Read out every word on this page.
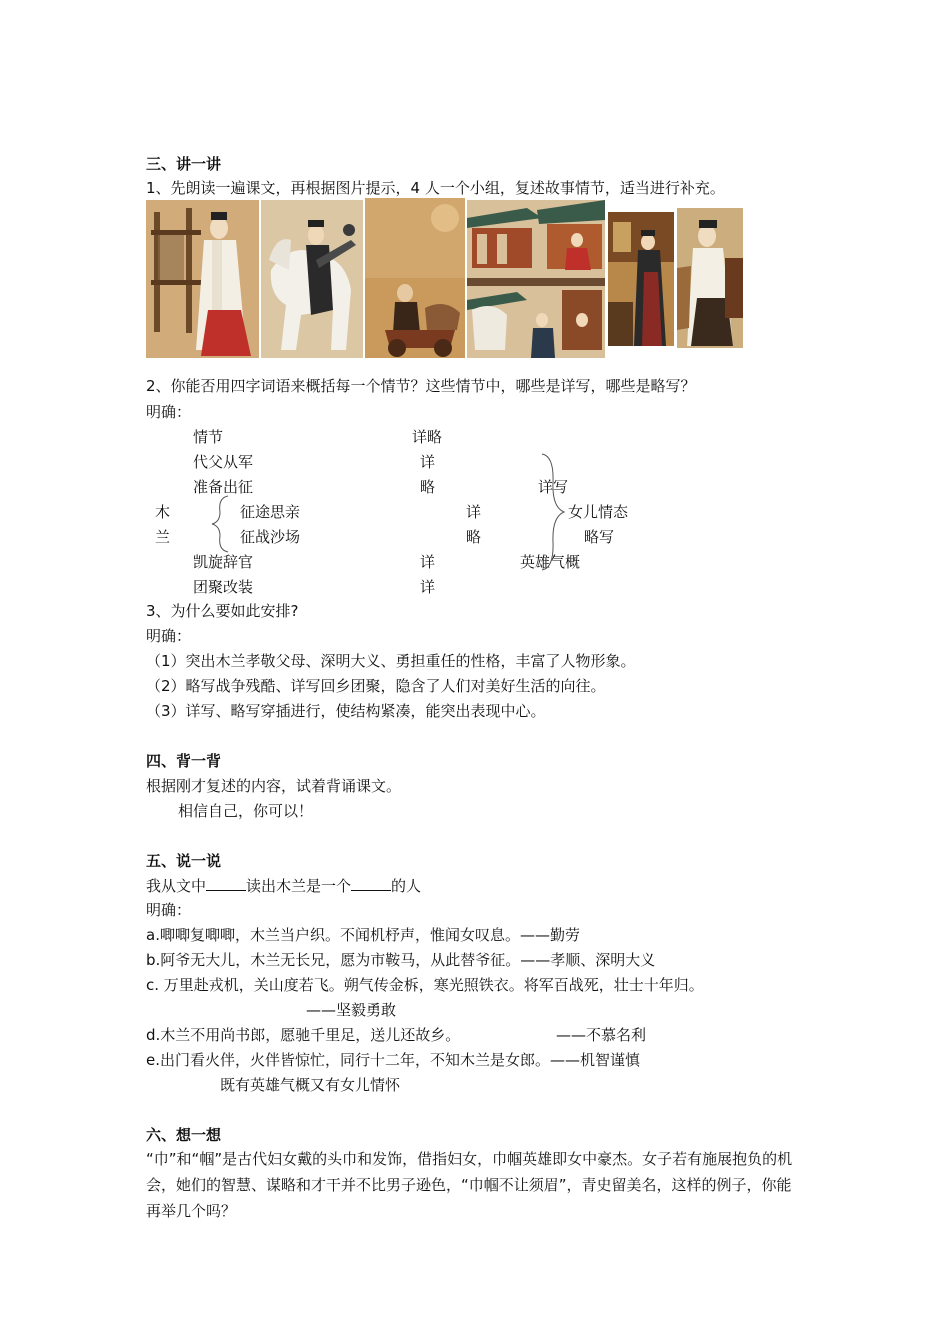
三、讲一讲
1、先朗读一遍课文，再根据图片提示，4 人一个小组，复述故事情节，适当进行补充。
2、你能否用四字词语来概括每一个情节？这些情节中，哪些是详写，哪些是略写？
明确：
情节	详略
代父从军	详
准备出征	略
木
兰
征途思亲	详
征战沙场	略
凯旋辞官	详
团聚改装	详
详写
女儿情态
略写
英雄气概
3、为什么要如此安排?
明确：
（1）突出木兰孝敬父母、深明大义、勇担重任的性格，丰富了人物形象。
（2）略写战争残酷、详写回乡团聚，隐含了人们对美好生活的向往。
（3）详写、略写穿插进行，使结构紧凑，能突出表现中心。
四、背一背
根据刚才复述的内容，试着背诵课文。
相信自己，你可以！
五、说一说
我从文中	读出木兰是一个	的人
明确：
a.唧唧复唧唧，木兰当户织。不闻机杼声，惟闻女叹息。——勤劳
b.阿爷无大儿，木兰无长兄，愿为市鞍马，从此替爷征。——孝顺、深明大义
c. 万里赴戎机，关山度若飞。朔气传金柝，寒光照铁衣。将军百战死，壮士十年归。
——坚毅勇敢
d.木兰不用尚书郎，愿驰千里足，送儿还故乡。	——不慕名利
e.出门看火伴，火伴皆惊忙，同行十二年，不知木兰是女郎。——机智谨慎
既有英雄气概又有女儿情怀
六、想一想
“巾”和“帼”是古代妇女戴的头巾和发饰，借指妇女，巾帼英雄即女中豪杰。女子若有施展抱负的机会，她们的智慧、谋略和才干并不比男子逊色，“巾帼不让须眉”，青史留美名，这样的例子，你能再举几个吗？
